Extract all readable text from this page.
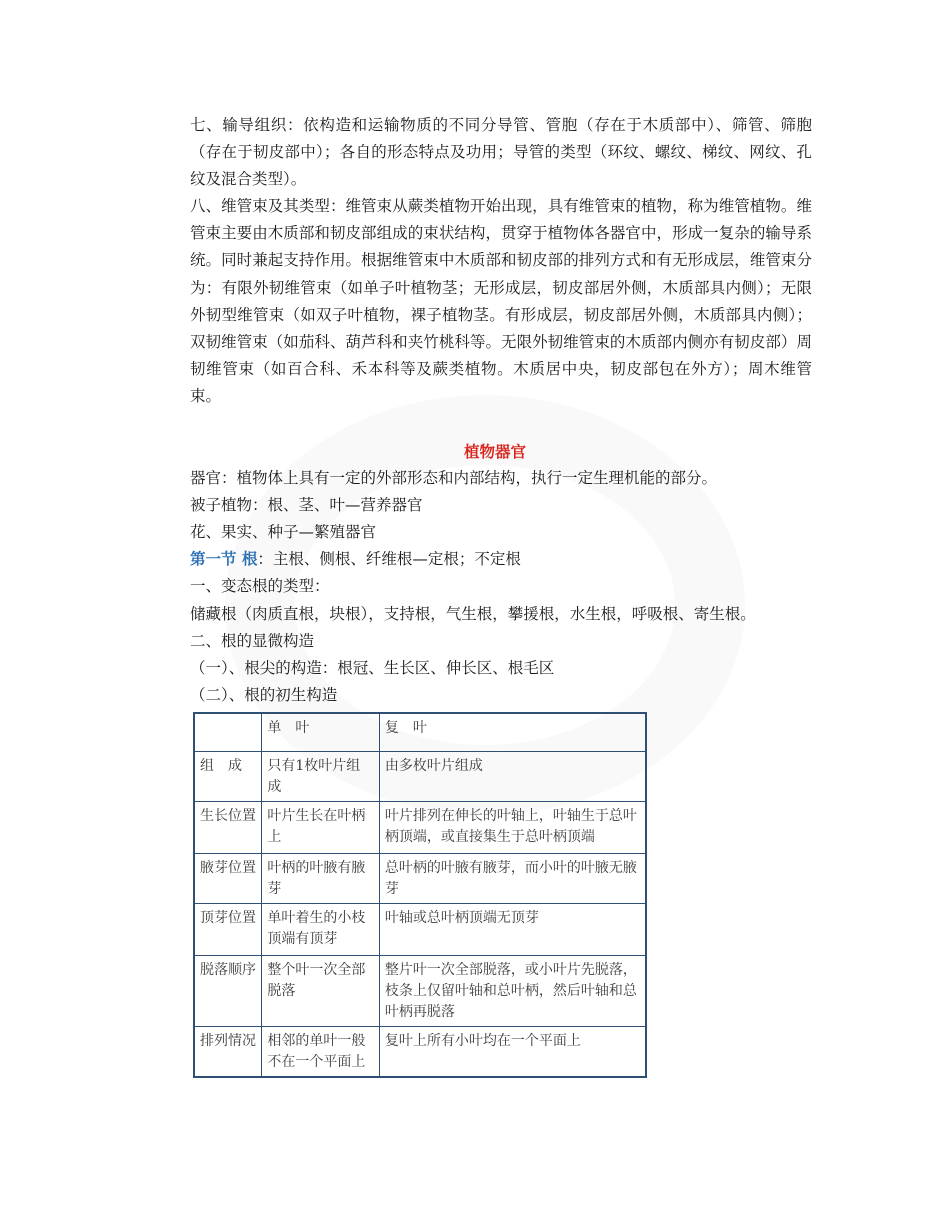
七、输导组织：依构造和运输物质的不同分导管、管胞（存在于木质部中）、筛管、筛胞（存在于韧皮部中）；各自的形态特点及功用；导管的类型（环纹、螺纹、梯纹、网纹、孔纹及混合类型）。

八、维管束及其类型：维管束从蕨类植物开始出现，具有维管束的植物，称为维管植物。维管束主要由木质部和韧皮部组成的束状结构，贯穿于植物体各器官中，形成一复杂的输导系统。同时兼起支持作用。根据维管束中木质部和韧皮部的排列方式和有无形成层，维管束分为：有限外韧维管束（如单子叶植物茎；无形成层，韧皮部居外侧，木质部具内侧）；无限外韧型维管束（如双子叶植物，裸子植物茎。有形成层，韧皮部居外侧，木质部具内侧）；双韧维管束（如茄科、葫芦科和夹竹桃科等。无限外韧维管束的木质部内侧亦有韧皮部）周韧维管束（如百合科、禾本科等及蕨类植物。木质居中央，韧皮部包在外方）；周木维管束。

植物器官

器官：植物体上具有一定的外部形态和内部结构，执行一定生理机能的部分。

被子植物：根、茎、叶—营养器官

花、果实、种子—繁殖器官

第一节 根：主根、侧根、纤维根—定根；不定根

一、变态根的类型：

储藏根（肉质直根，块根），支持根，气生根，攀援根，水生根，呼吸根、寄生根。

二、根的显微构造

（一）、根尖的构造：根冠、生长区、伸长区、根毛区

（二）、根的初生构造

	单　叶	复　叶
组　成	只有1枚叶片组成	由多枚叶片组成
生长位置	叶片生长在叶柄上	叶片排列在伸长的叶轴上，叶轴生于总叶柄顶端，或直接集生于总叶柄顶端
腋芽位置	叶柄的叶腋有腋芽	总叶柄的叶腋有腋芽，而小叶的叶腋无腋芽
顶芽位置	单叶着生的小枝顶端有顶芽	叶轴或总叶柄顶端无顶芽
脱落顺序	整个叶一次全部脱落	整片叶一次全部脱落，或小叶片先脱落，枝条上仅留叶轴和总叶柄，然后叶轴和总叶柄再脱落
排列情况	相邻的单叶一般不在一个平面上	复叶上所有小叶均在一个平面上
